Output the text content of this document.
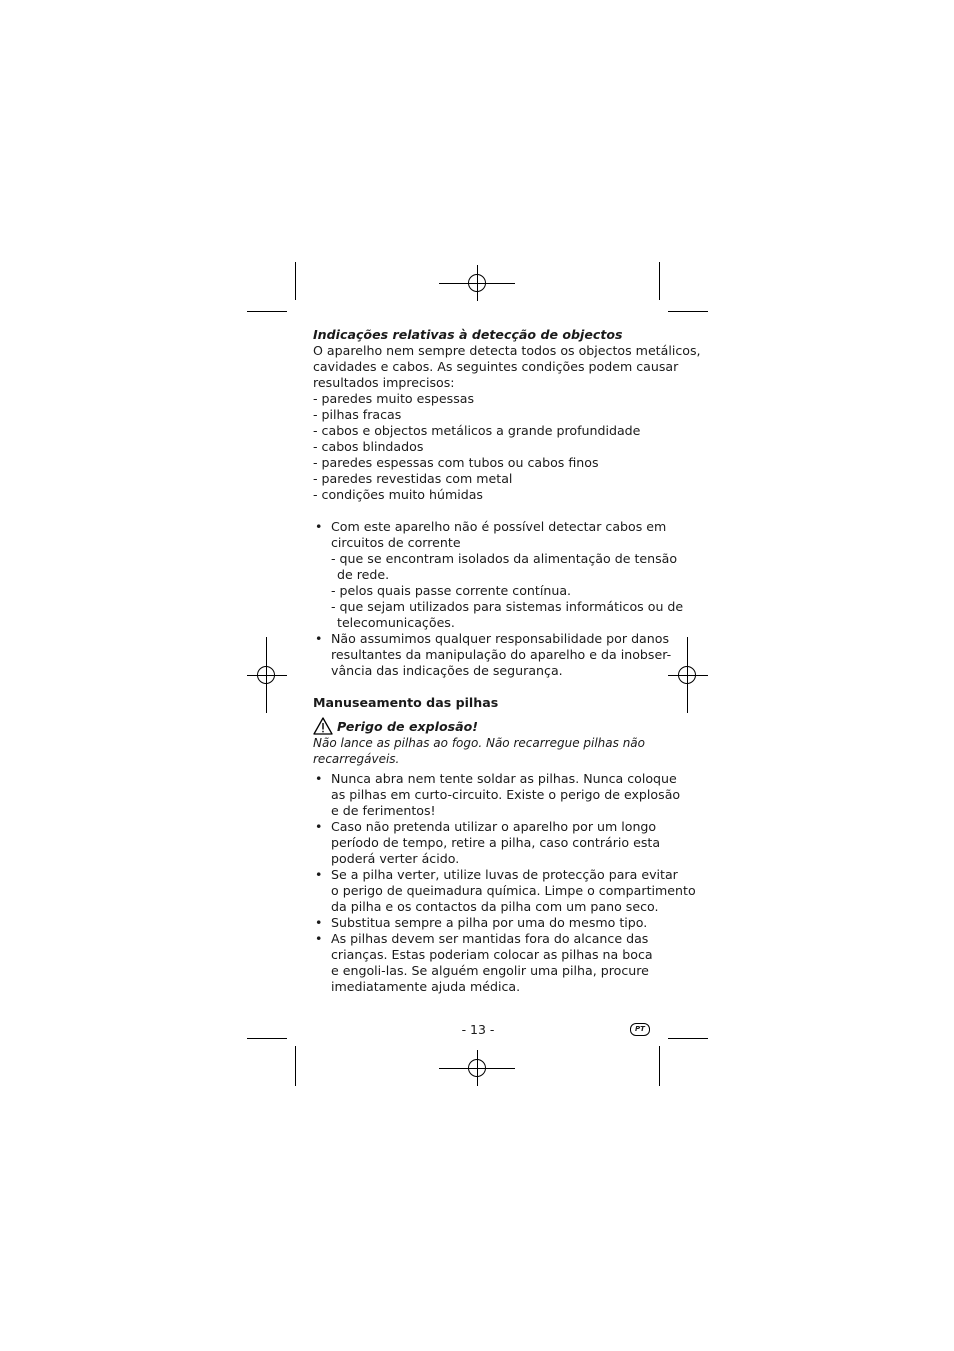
Indicações relativas à detecção de objectos
O aparelho nem sempre detecta todos os objectos metálicos,
cavidades e cabos. As seguintes condições podem causar
resultados imprecisos:
- paredes muito espessas
- pilhas fracas
- cabos e objectos metálicos a grande profundidade
- cabos blindados
- paredes espessas com tubos ou cabos finos
- paredes revestidas com metal
- condições muito húmidas
• Com este aparelho não é possível detectar cabos em
circuitos de corrente
- que se encontram isolados da alimentação de tensão
de rede.
- pelos quais passe corrente contínua.
- que sejam utilizados para sistemas informáticos ou de
telecomunicações.
• Não assumimos qualquer responsabilidade por danos
resultantes da manipulação do aparelho e da inobser-
vância das indicações de segurança.
Manuseamento das pilhas
Perigo de explosão!
Não lance as pilhas ao fogo. Não recarregue pilhas não
recarregáveis.
• Nunca abra nem tente soldar as pilhas. Nunca coloque
as pilhas em curto-circuito. Existe o perigo de explosão
e de ferimentos!
• Caso não pretenda utilizar o aparelho por um longo
período de tempo, retire a pilha, caso contrário esta
poderá verter ácido.
• Se a pilha verter, utilize luvas de protecção para evitar
o perigo de queimadura química. Limpe o compartimento
da pilha e os contactos da pilha com um pano seco.
• Substitua sempre a pilha por uma do mesmo tipo.
• As pilhas devem ser mantidas fora do alcance das
crianças. Estas poderiam colocar as pilhas na boca
e engoli-las. Se alguém engolir uma pilha, procure
imediatamente ajuda médica.
- 13 -	PT
